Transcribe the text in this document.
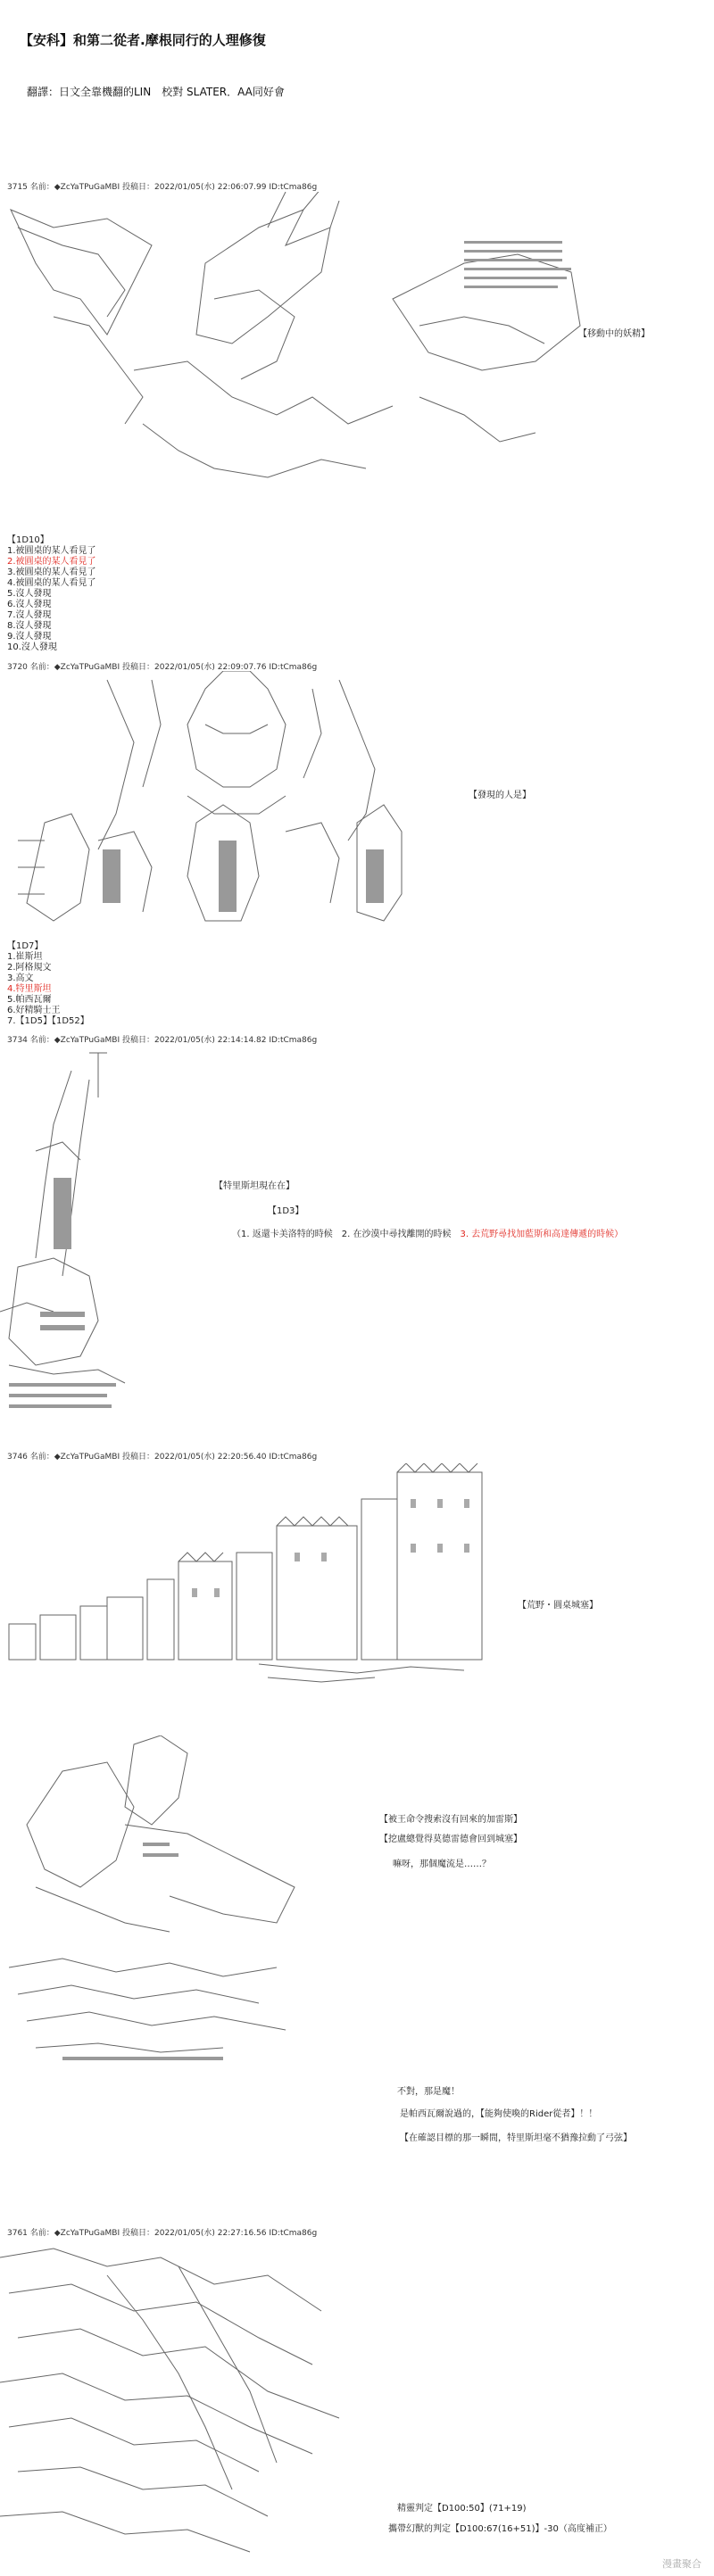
【安科】和第二從者.摩根同行的人理修復
翻譯：日文全靠機翻的LIN　校對 SLATER．AA同好會
3715 名前：◆ZcYaTPuGaMBI 投稿日：2022/01/05(水) 22:06:07.99 ID:tCma86g
【移動中的妖精】
【1D10】
1.被圓桌的某人看見了
2.被圓桌的某人看見了
3.被圓桌的某人看見了
4.被圓桌的某人看見了
5.沒人發現
6.沒人發現
7.沒人發現
8.沒人發現
9.沒人發現
10.沒人發現
3720 名前：◆ZcYaTPuGaMBI 投稿日：2022/01/05(水) 22:09:07.76 ID:tCma86g
【發現的人是】
【1D7】
1.崔斯坦
2.阿格規文
3.高文
4.特里斯坦
5.帕西瓦爾
6.好精騎士王
7.【1D5】【1D52】
3734 名前：◆ZcYaTPuGaMBI 投稿日：2022/01/05(水) 22:14:14.82 ID:tCma86g
【特里斯坦現在在】
【1D3】
（1. 返還卡美洛特的時候　2. 在沙漠中尋找離開的時候　3. 去荒野尋找加藍斯和高達傳遞的時候）
3746 名前：◆ZcYaTPuGaMBI 投稿日：2022/01/05(水) 22:20:56.40 ID:tCma86g
【荒野・圓桌城塞】
【被王命令搜索沒有回來的加雷斯】
【挖盧總覺得莫德雷德會回到城塞】
嘛呀，那個魔流是……？
不對，那是魔！
是帕西瓦爾說過的，【能夠使喚的Rider從者】！！
【在確認目標的那一瞬間，特里斯坦毫不猶豫拉動了弓弦】
3761 名前：◆ZcYaTPuGaMBI 投稿日：2022/01/05(水) 22:27:16.56 ID:tCma86g
精靈判定【D100:50】(71+19)
攜帶幻獸的判定【D100:67(16+51)】-30（高度補正）
漫畫聚合
